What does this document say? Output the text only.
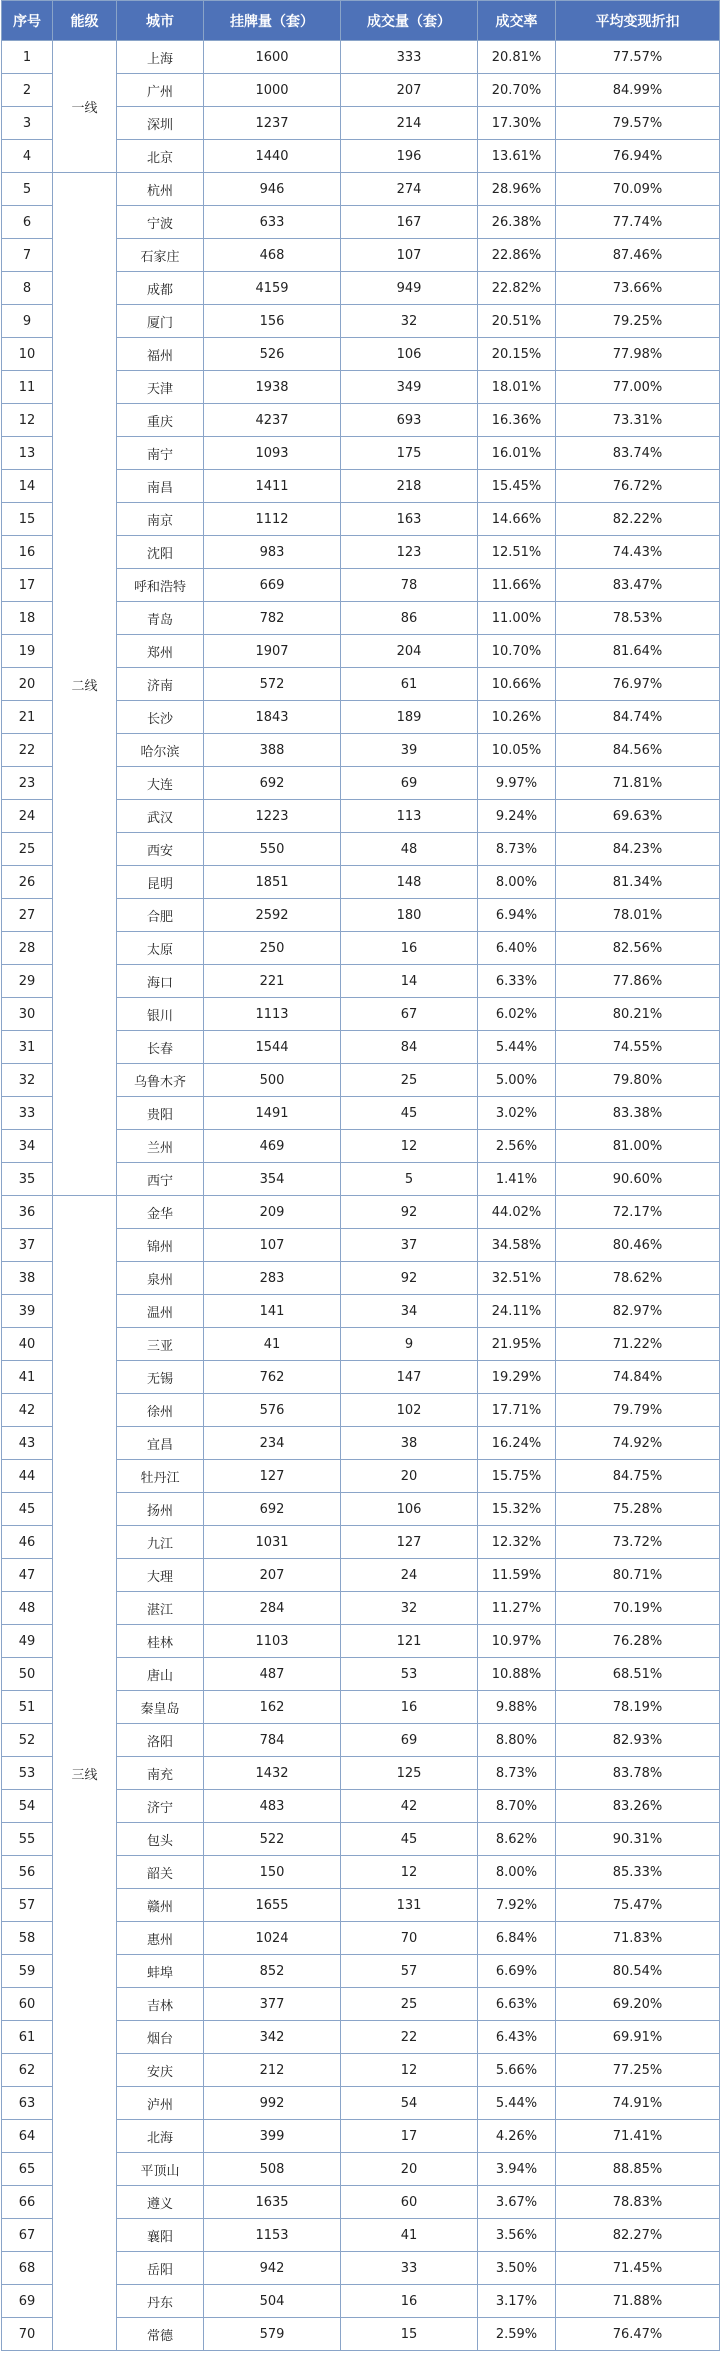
序号	能级	城市	挂牌量（套）	成交量（套）	成交率	平均变现折扣
1	一线	上海	1600	333	20.81%	77.57%
2		广州	1000	207	20.70%	84.99%
3		深圳	1237	214	17.30%	79.57%
4		北京	1440	196	13.61%	76.94%
5	二线	杭州	946	274	28.96%	70.09%
6		宁波	633	167	26.38%	77.74%
7		石家庄	468	107	22.86%	87.46%
8		成都	4159	949	22.82%	73.66%
9		厦门	156	32	20.51%	79.25%
10		福州	526	106	20.15%	77.98%
11		天津	1938	349	18.01%	77.00%
12		重庆	4237	693	16.36%	73.31%
13		南宁	1093	175	16.01%	83.74%
14		南昌	1411	218	15.45%	76.72%
15		南京	1112	163	14.66%	82.22%
16		沈阳	983	123	12.51%	74.43%
17		呼和浩特	669	78	11.66%	83.47%
18		青岛	782	86	11.00%	78.53%
19		郑州	1907	204	10.70%	81.64%
20		济南	572	61	10.66%	76.97%
21		长沙	1843	189	10.26%	84.74%
22		哈尔滨	388	39	10.05%	84.56%
23		大连	692	69	9.97%	71.81%
24		武汉	1223	113	9.24%	69.63%
25		西安	550	48	8.73%	84.23%
26		昆明	1851	148	8.00%	81.34%
27		合肥	2592	180	6.94%	78.01%
28		太原	250	16	6.40%	82.56%
29		海口	221	14	6.33%	77.86%
30		银川	1113	67	6.02%	80.21%
31		长春	1544	84	5.44%	74.55%
32		乌鲁木齐	500	25	5.00%	79.80%
33		贵阳	1491	45	3.02%	83.38%
34		兰州	469	12	2.56%	81.00%
35		西宁	354	5	1.41%	90.60%
36	三线	金华	209	92	44.02%	72.17%
37		锦州	107	37	34.58%	80.46%
38		泉州	283	92	32.51%	78.62%
39		温州	141	34	24.11%	82.97%
40		三亚	41	9	21.95%	71.22%
41		无锡	762	147	19.29%	74.84%
42		徐州	576	102	17.71%	79.79%
43		宜昌	234	38	16.24%	74.92%
44		牡丹江	127	20	15.75%	84.75%
45		扬州	692	106	15.32%	75.28%
46		九江	1031	127	12.32%	73.72%
47		大理	207	24	11.59%	80.71%
48		湛江	284	32	11.27%	70.19%
49		桂林	1103	121	10.97%	76.28%
50		唐山	487	53	10.88%	68.51%
51		秦皇岛	162	16	9.88%	78.19%
52		洛阳	784	69	8.80%	82.93%
53		南充	1432	125	8.73%	83.78%
54		济宁	483	42	8.70%	83.26%
55		包头	522	45	8.62%	90.31%
56		韶关	150	12	8.00%	85.33%
57		赣州	1655	131	7.92%	75.47%
58		惠州	1024	70	6.84%	71.83%
59		蚌埠	852	57	6.69%	80.54%
60		吉林	377	25	6.63%	69.20%
61		烟台	342	22	6.43%	69.91%
62		安庆	212	12	5.66%	77.25%
63		泸州	992	54	5.44%	74.91%
64		北海	399	17	4.26%	71.41%
65		平顶山	508	20	3.94%	88.85%
66		遵义	1635	60	3.67%	78.83%
67		襄阳	1153	41	3.56%	82.27%
68		岳阳	942	33	3.50%	71.45%
69		丹东	504	16	3.17%	71.88%
70		常德	579	15	2.59%	76.47%
